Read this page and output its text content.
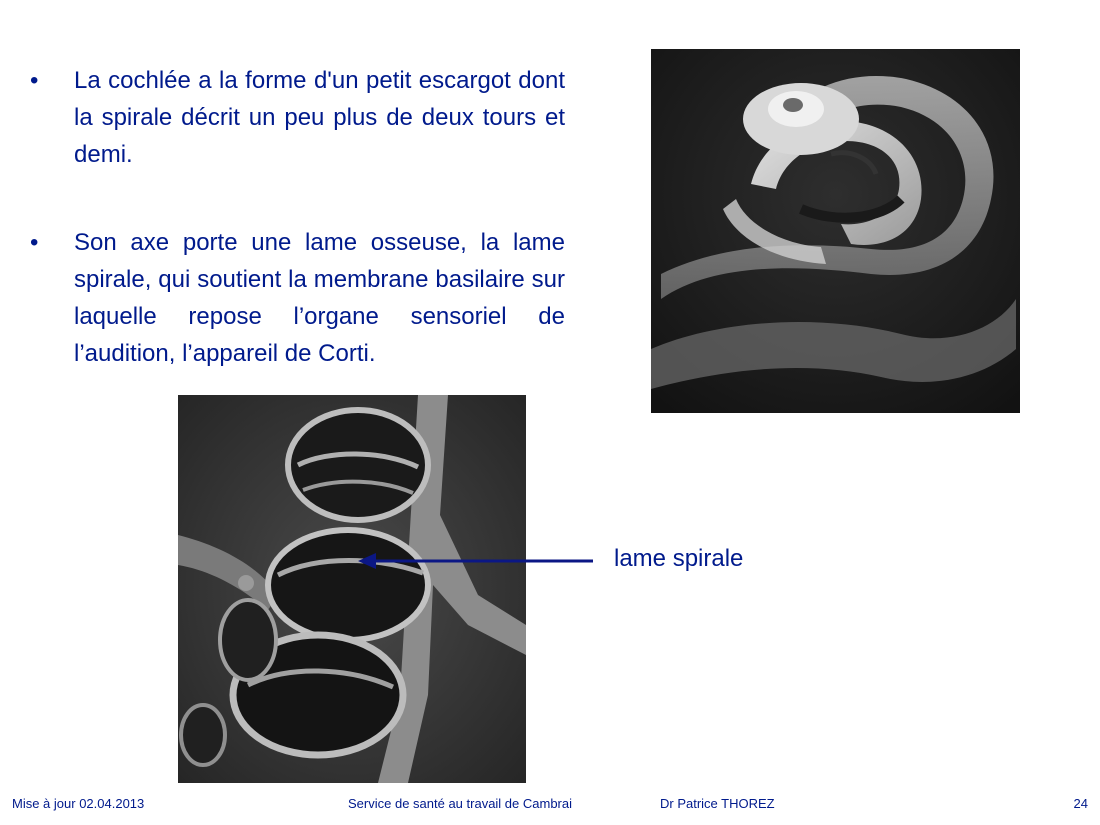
•	La cochlée a la forme d'un petit escargot dont la spirale décrit un peu plus de deux tours et demi.
•	Son axe porte une lame osseuse, la lame spirale, qui soutient la membrane basilaire sur laquelle repose l’organe sensoriel de l’audition, l’appareil de Corti.
lame spirale
Mise à jour 02.04.2013	Service de santé au travail de Cambrai	Dr Patrice THOREZ	24
